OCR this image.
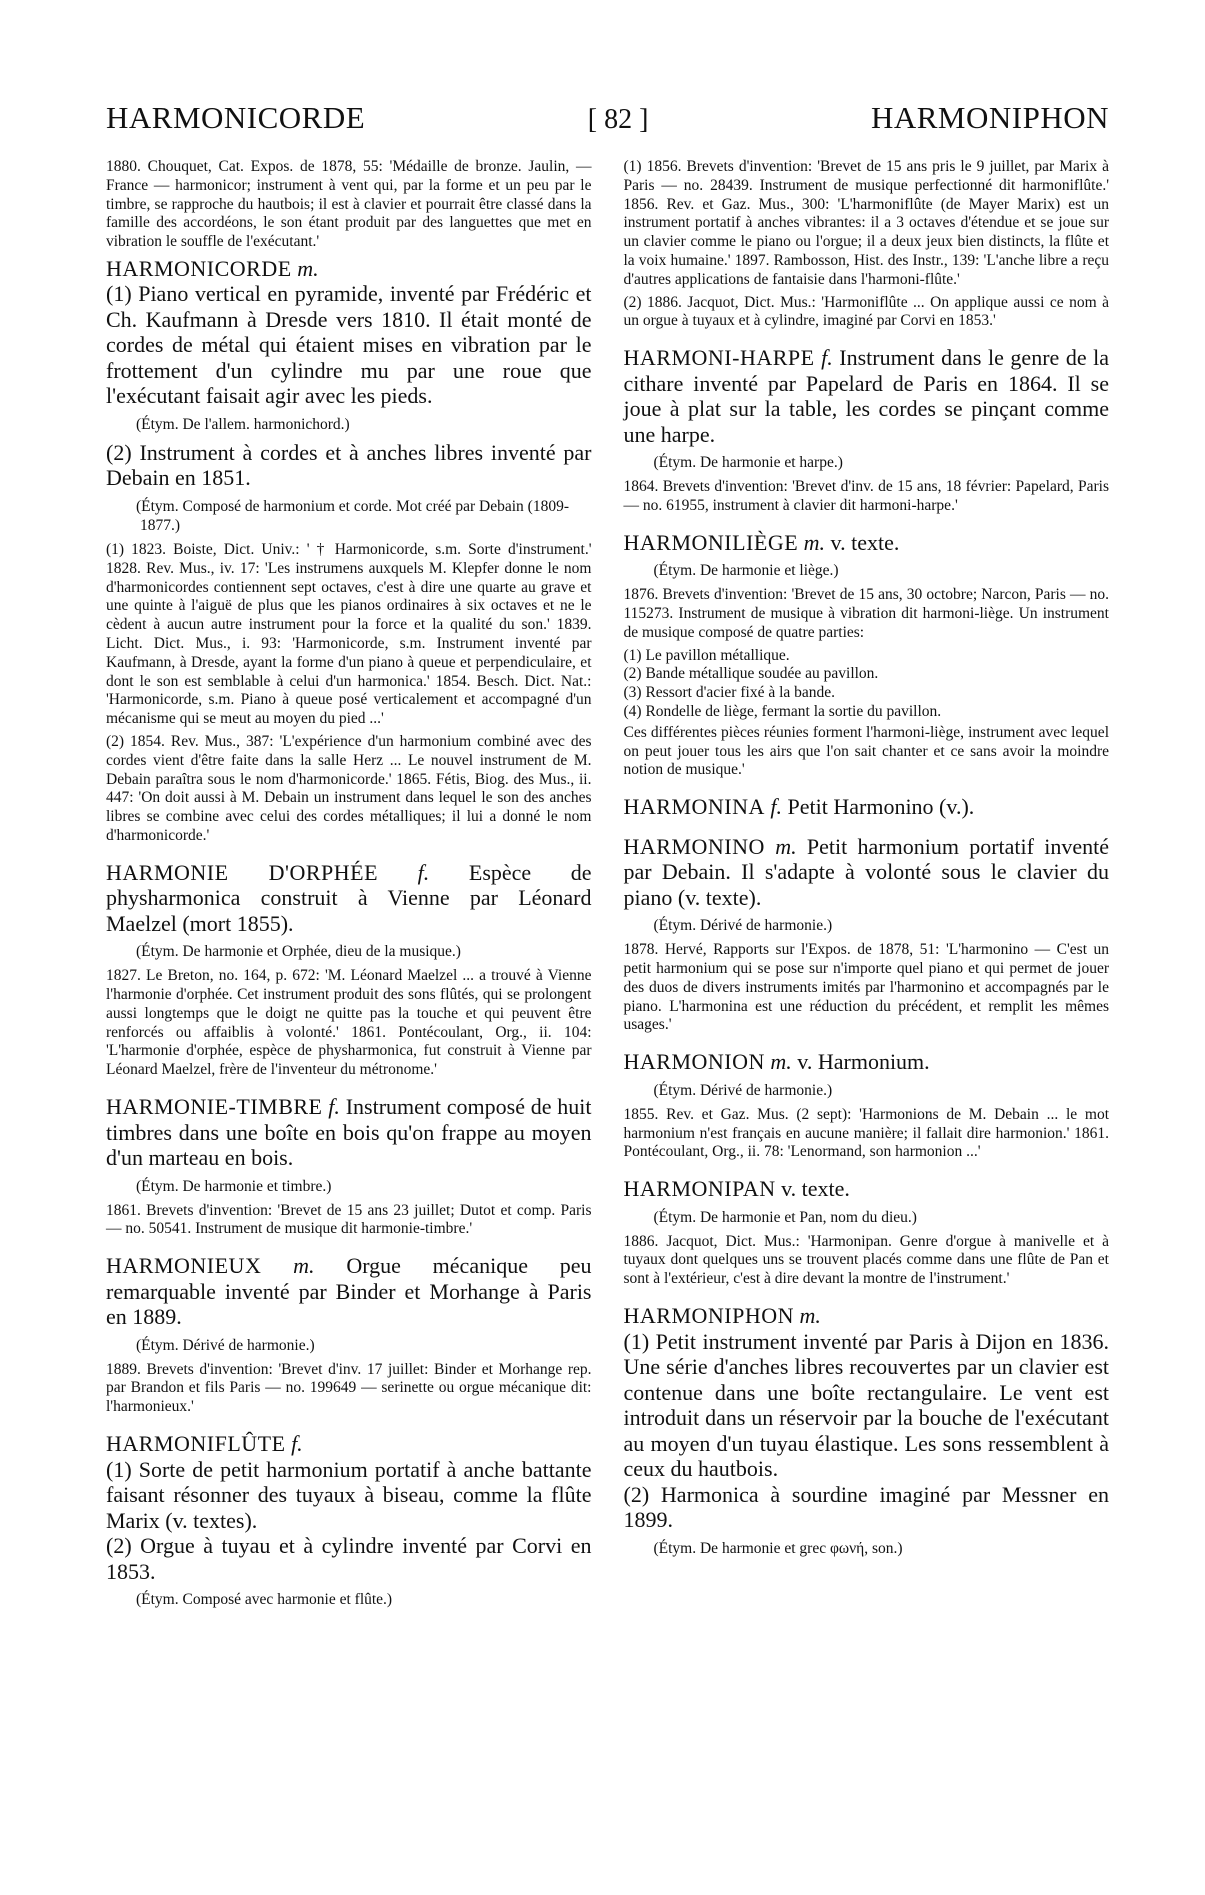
HARMONICORDE	[ 82 ]	HARMONIPHON

1880. Chouquet, Cat. Expos. de 1878, 55: 'Médaille de bronze. Jaulin, — France — harmonicor; instrument à vent qui, par la forme et un peu par le timbre, se rapproche du hautbois; il est à clavier et pourrait être classé dans la famille des accordéons, le son étant produit par des languettes que met en vibration le souffle de l'exécutant.'

HARMONICORDE m.

(1) Piano vertical en pyramide, inventé par Frédéric et Ch. Kaufmann à Dresde vers 1810. Il était monté de cordes de métal qui étaient mises en vibration par le frottement d'un cylindre mu par une roue que l'exécutant faisait agir avec les pieds.

(Étym. De l'allem. harmonichord.)

(2) Instrument à cordes et à anches libres inventé par Debain en 1851.

(Étym. Composé de harmonium et corde. Mot créé par Debain (1809-1877.)

(1) 1823. Boiste, Dict. Univ.: ' † Harmonicorde, s.m. Sorte d'instrument.' 1828. Rev. Mus., iv. 17: 'Les instrumens auxquels M. Klepfer donne le nom d'harmonicordes contiennent sept octaves, c'est à dire une quarte au grave et une quinte à l'aiguë de plus que les pianos ordinaires à six octaves et ne le cèdent à aucun autre instrument pour la force et la qualité du son.' 1839. Licht. Dict. Mus., i. 93: 'Harmonicorde, s.m. Instrument inventé par Kaufmann, à Dresde, ayant la forme d'un piano à queue et perpendiculaire, et dont le son est semblable à celui d'un harmonica.' 1854. Besch. Dict. Nat.: 'Harmonicorde, s.m. Piano à queue posé verticalement et accompagné d'un mécanisme qui se meut au moyen du pied ...'

(2) 1854. Rev. Mus., 387: 'L'expérience d'un harmonium combiné avec des cordes vient d'être faite dans la salle Herz ... Le nouvel instrument de M. Debain paraîtra sous le nom d'harmonicorde.' 1865. Fétis, Biog. des Mus., ii. 447: 'On doit aussi à M. Debain un instrument dans lequel le son des anches libres se combine avec celui des cordes métalliques; il lui a donné le nom d'harmonicorde.'

HARMONIE D'ORPHÉE f. Espèce de physharmonica construit à Vienne par Léonard Maelzel (mort 1855).

(Étym. De harmonie et Orphée, dieu de la musique.)

1827. Le Breton, no. 164, p. 672: 'M. Léonard Maelzel ... a trouvé à Vienne l'harmonie d'orphée. Cet instrument produit des sons flûtés, qui se prolongent aussi longtemps que le doigt ne quitte pas la touche et qui peuvent être renforcés ou affaiblis à volonté.' 1861. Pontécoulant, Org., ii. 104: 'L'harmonie d'orphée, espèce de physharmonica, fut construit à Vienne par Léonard Maelzel, frère de l'inventeur du métronome.'

HARMONIE-TIMBRE f. Instrument composé de huit timbres dans une boîte en bois qu'on frappe au moyen d'un marteau en bois.

(Étym. De harmonie et timbre.)

1861. Brevets d'invention: 'Brevet de 15 ans 23 juillet; Dutot et comp. Paris — no. 50541. Instrument de musique dit harmonie-timbre.'

HARMONIEUX m. Orgue mécanique peu remarquable inventé par Binder et Morhange à Paris en 1889.

(Étym. Dérivé de harmonie.)

1889. Brevets d'invention: 'Brevet d'inv. 17 juillet: Binder et Morhange rep. par Brandon et fils Paris — no. 199649 — serinette ou orgue mécanique dit: l'harmonieux.'

HARMONIFLÛTE f.

(1) Sorte de petit harmonium portatif à anche battante faisant résonner des tuyaux à biseau, comme la flûte Marix (v. textes).

(2) Orgue à tuyau et à cylindre inventé par Corvi en 1853.

(Étym. Composé avec harmonie et flûte.)

(1) 1856. Brevets d'invention: 'Brevet de 15 ans pris le 9 juillet, par Marix à Paris — no. 28439. Instrument de musique perfectionné dit harmoniflûte.' 1856. Rev. et Gaz. Mus., 300: 'L'harmoniflûte (de Mayer Marix) est un instrument portatif à anches vibrantes: il a 3 octaves d'étendue et se joue sur un clavier comme le piano ou l'orgue; il a deux jeux bien distincts, la flûte et la voix humaine.' 1897. Rambosson, Hist. des Instr., 139: 'L'anche libre a reçu d'autres applications de fantaisie dans l'harmoni-flûte.'

(2) 1886. Jacquot, Dict. Mus.: 'Harmoniflûte ... On applique aussi ce nom à un orgue à tuyaux et à cylindre, imaginé par Corvi en 1853.'

HARMONI-HARPE f. Instrument dans le genre de la cithare inventé par Papelard de Paris en 1864. Il se joue à plat sur la table, les cordes se pinçant comme une harpe.

(Étym. De harmonie et harpe.)

1864. Brevets d'invention: 'Brevet d'inv. de 15 ans, 18 février: Papelard, Paris — no. 61955, instrument à clavier dit harmoni-harpe.'

HARMONILIÈGE m. v. texte.

(Étym. De harmonie et liège.)

1876. Brevets d'invention: 'Brevet de 15 ans, 30 octobre; Narcon, Paris — no. 115273. Instrument de musique à vibration dit harmoni-liège. Un instrument de musique composé de quatre parties:

(1) Le pavillon métallique.

(2) Bande métallique soudée au pavillon.

(3) Ressort d'acier fixé à la bande.

(4) Rondelle de liège, fermant la sortie du pavillon.

Ces différentes pièces réunies forment l'harmoni-liège, instrument avec lequel on peut jouer tous les airs que l'on sait chanter et ce sans avoir la moindre notion de musique.'

HARMONINA f. Petit Harmonino (v.).

HARMONINO m. Petit harmonium portatif inventé par Debain. Il s'adapte à volonté sous le clavier du piano (v. texte).

(Étym. Dérivé de harmonie.)

1878. Hervé, Rapports sur l'Expos. de 1878, 51: 'L'harmonino — C'est un petit harmonium qui se pose sur n'importe quel piano et qui permet de jouer des duos de divers instruments imités par l'harmonino et accompagnés par le piano. L'harmonina est une réduction du précédent, et remplit les mêmes usages.'

HARMONION m. v. Harmonium.

(Étym. Dérivé de harmonie.)

1855. Rev. et Gaz. Mus. (2 sept): 'Harmonions de M. Debain ... le mot harmonium n'est français en aucune manière; il fallait dire harmonion.' 1861. Pontécoulant, Org., ii. 78: 'Lenormand, son harmonion ...'

HARMONIPAN v. texte.

(Étym. De harmonie et Pan, nom du dieu.)

1886. Jacquot, Dict. Mus.: 'Harmonipan. Genre d'orgue à manivelle et à tuyaux dont quelques uns se trouvent placés comme dans une flûte de Pan et sont à l'extérieur, c'est à dire devant la montre de l'instrument.'

HARMONIPHON m.

(1) Petit instrument inventé par Paris à Dijon en 1836. Une série d'anches libres recouvertes par un clavier est contenue dans une boîte rectangulaire. Le vent est introduit dans un réservoir par la bouche de l'exécutant au moyen d'un tuyau élastique. Les sons ressemblent à ceux du hautbois.

(2) Harmonica à sourdine imaginé par Messner en 1899.

(Étym. De harmonie et grec φωνή, son.)
